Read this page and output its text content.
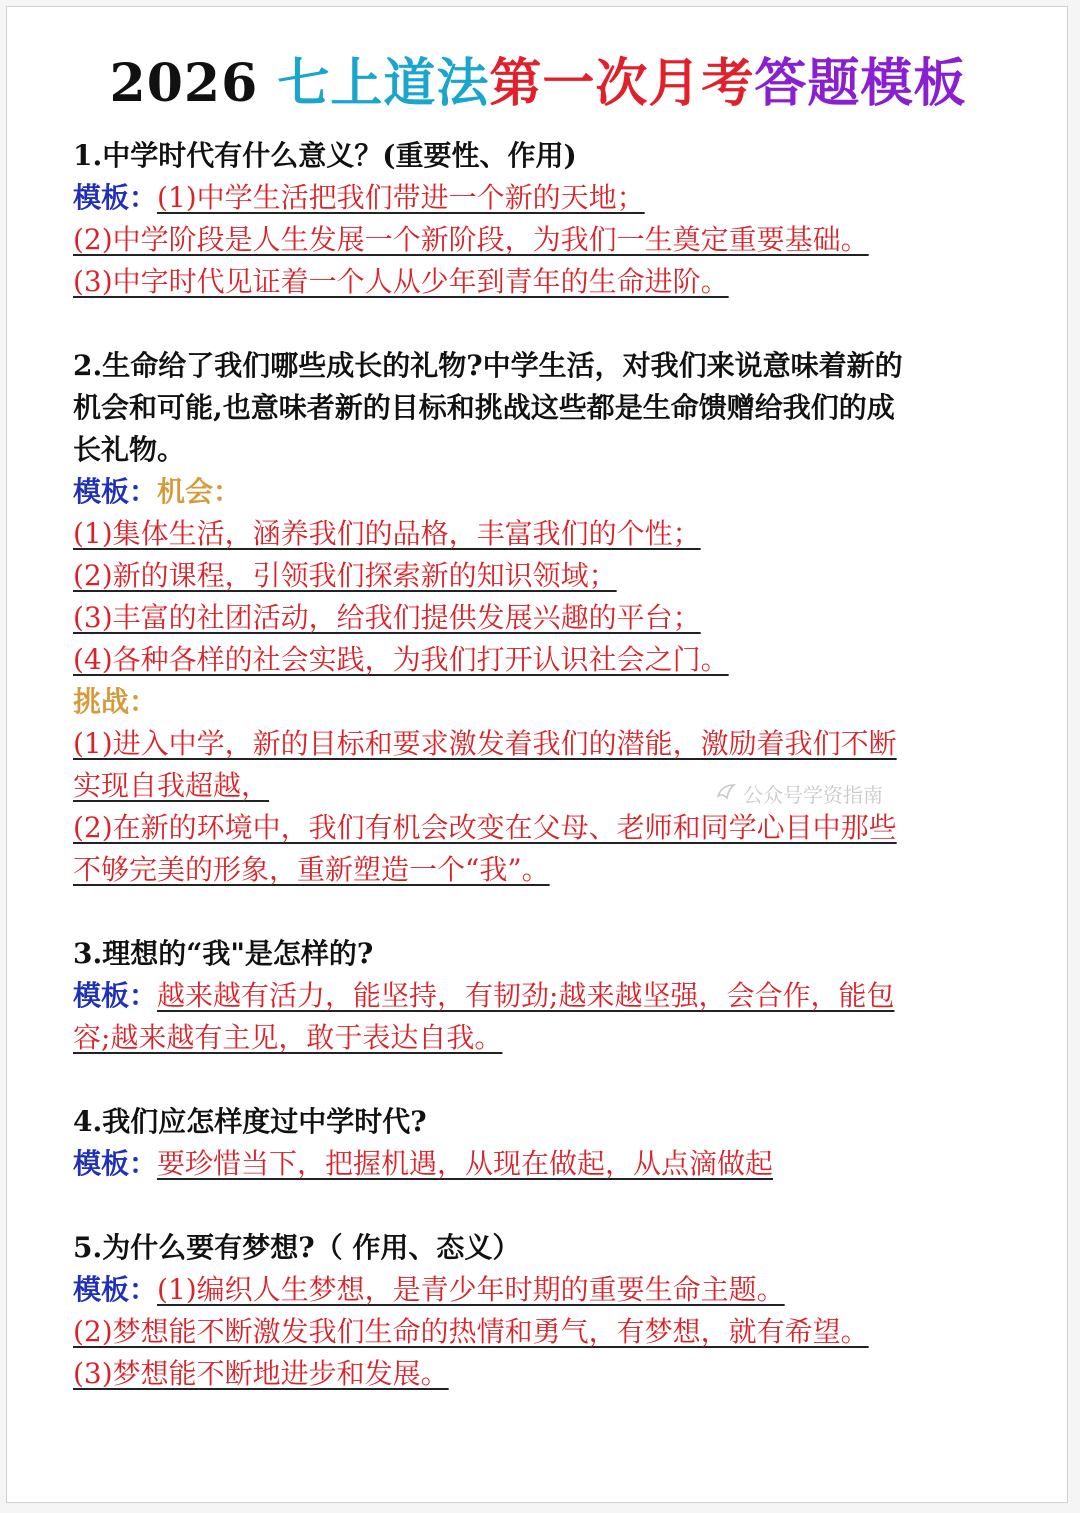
2026 七上道法第一次月考答题模板
1.中学时代有什么意义？(重要性、作用)
模板：(1)中学生活把我们带进一个新的天地；
(2)中学阶段是人生发展一个新阶段，为我们一生奠定重要基础。
(3)中字时代见证着一个人从少年到青年的生命进阶。
2.生命给了我们哪些成长的礼物?中学生活，对我们来说意味着新的
机会和可能,也意味者新的目标和挑战这些都是生命馈赠给我们的成
长礼物。
模板：机会：
(1)集体生活，涵养我们的品格，丰富我们的个性；
(2)新的课程，引领我们探索新的知识领域；
(3)丰富的社团活动，给我们提供发展兴趣的平台；
(4)各种各样的社会实践，为我们打开认识社会之门。
挑战：
(1)进入中学，新的目标和要求激发着我们的潜能，激励着我们不断
实现自我超越，
(2)在新的环境中，我们有机会改变在父母、老师和同学心目中那些
不够完美的形象，重新塑造一个“我”。
3.理想的“我"是怎样的?
模板：越来越有活力，能坚持，有韧劲;越来越坚强，会合作，能包
容;越来越有主见，敢于表达自我。
4.我们应怎样度过中学时代?
模板：要珍惜当下，把握机遇，从现在做起，从点滴做起
5.为什么要有梦想?（ 作用、态义）
模板：(1)编织人生梦想，是青少年时期的重要生命主题。
(2)梦想能不断激发我们生命的热情和勇气，有梦想，就有希望。
(3)梦想能不断地进步和发展。
公众号学资指南
